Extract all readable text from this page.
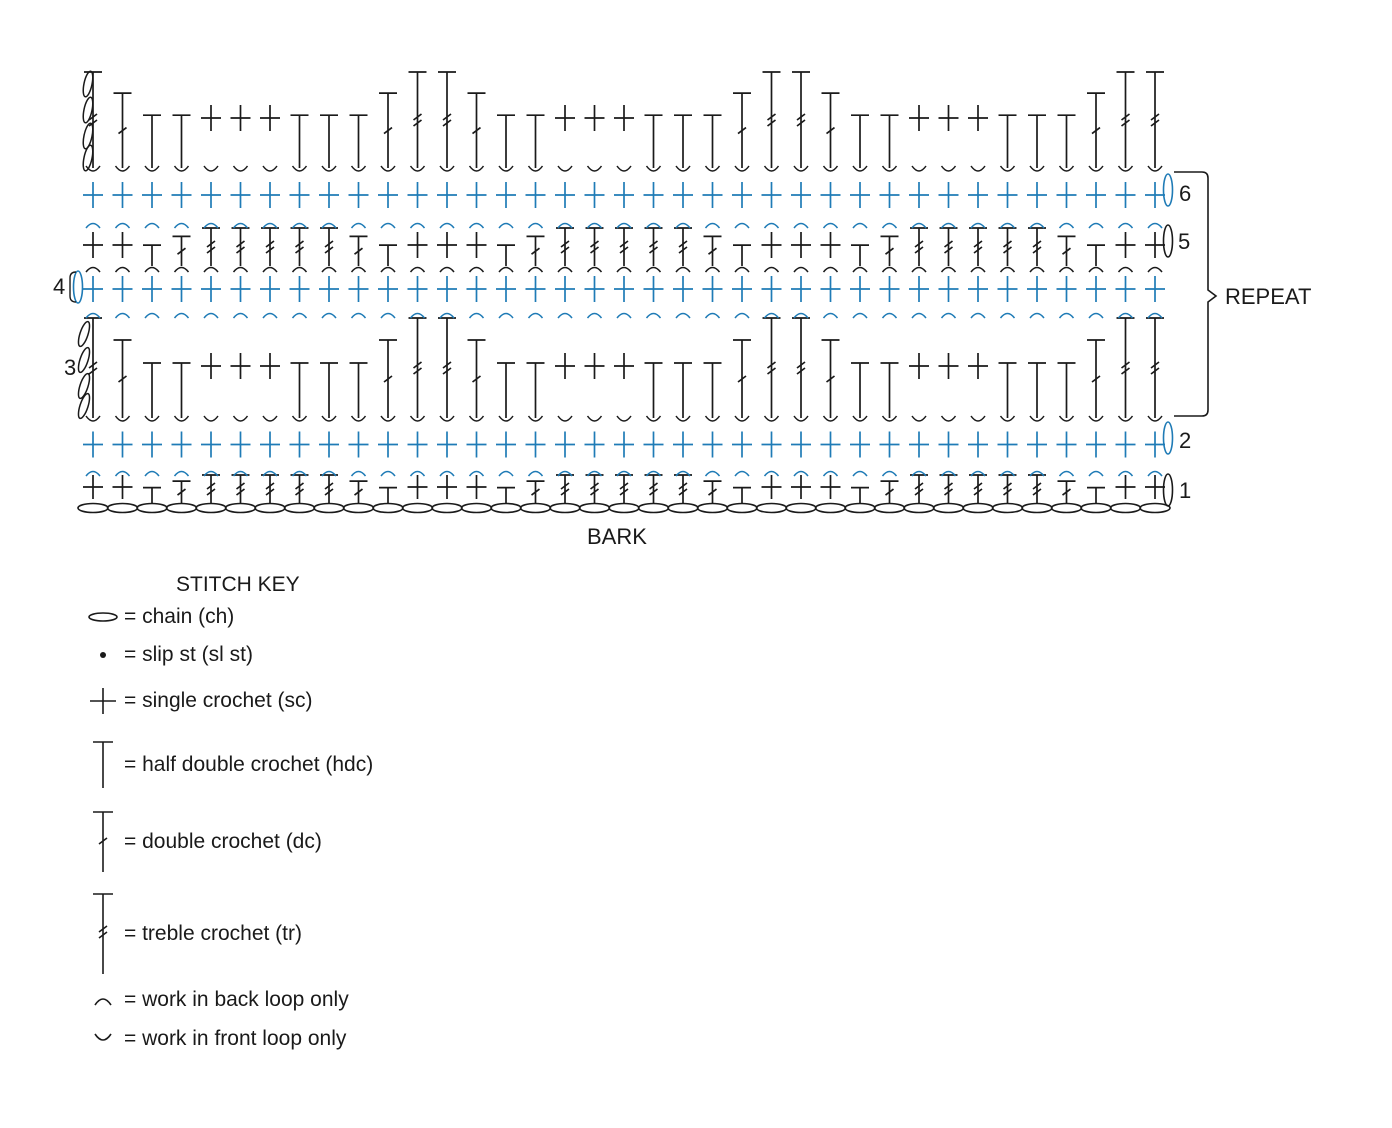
6
5
4	REPEAT
3
2
1
BARK
STITCH KEY
= chain (ch)
= slip st (sl st)
= single crochet (sc)
= half double crochet (hdc)
= double crochet (dc)
= treble crochet (tr)
= work in back loop only
= work in front loop only
